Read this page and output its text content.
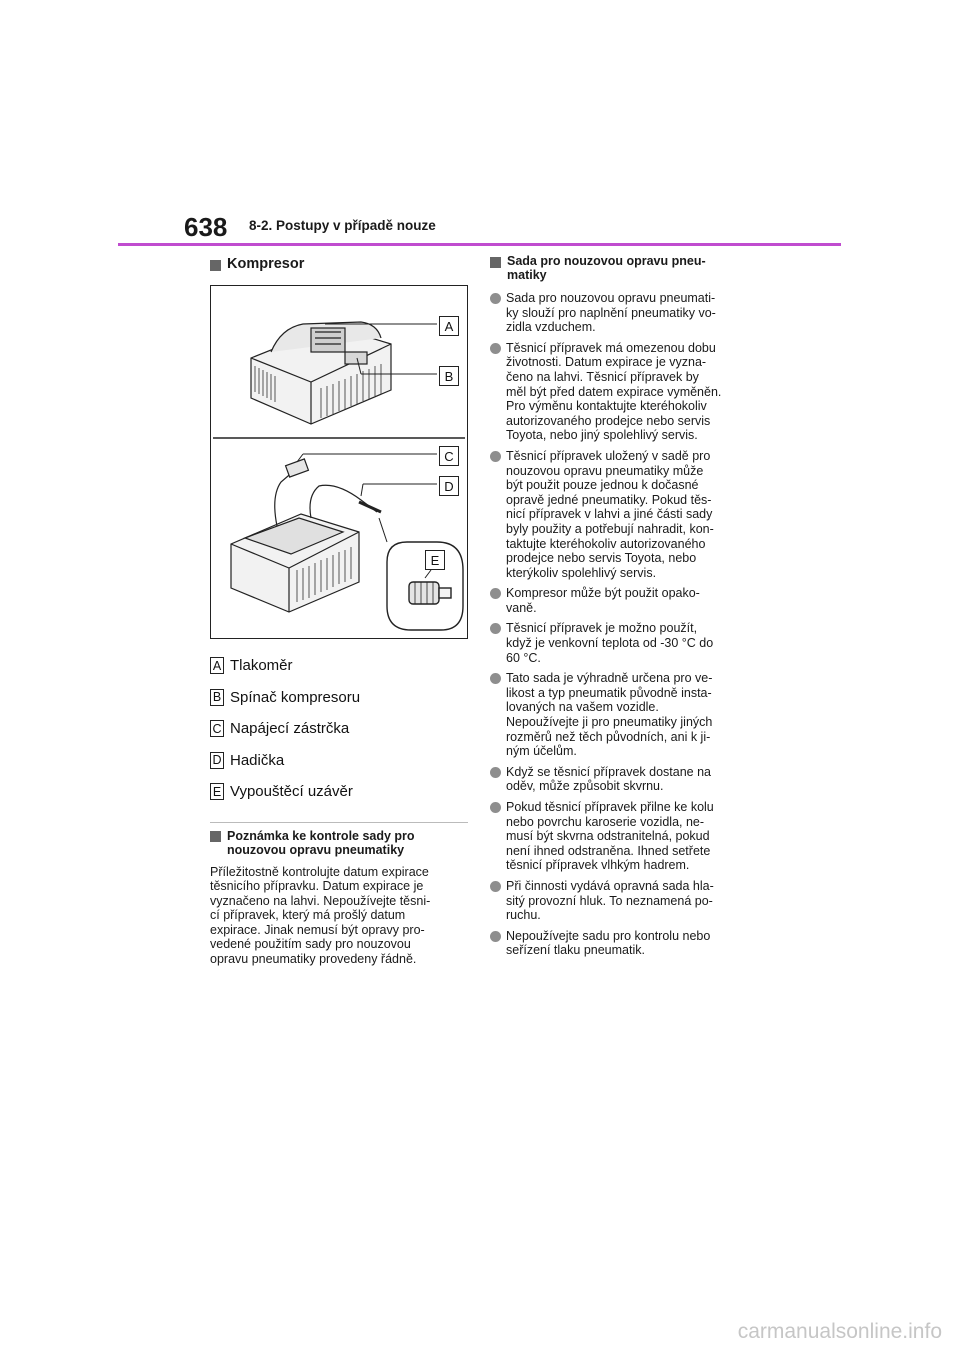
638 8-2. Postupy v případě nouze
Kompresor
A
B
C
D
E
A Tlakoměr
B Spínač kompresoru
C Napájecí zástrčka
D Hadička
E Vypouštěcí uzávěr
Poznámka ke kontrole sady pro
nouzovou opravu pneumatiky
Příležitostně kontrolujte datum expirace
těsnicího přípravku. Datum expirace je
vyznačeno na lahvi. Nepoužívejte těsni-
cí přípravek, který má prošlý datum
expirace. Jinak nemusí být opravy pro-
vedené použitím sady pro nouzovou
opravu pneumatiky provedeny řádně.
Sada pro nouzovou opravu pneu-
matiky
Sada pro nouzovou opravu pneumati-
ky slouží pro naplnění pneumatiky vo-
zidla vzduchem.
Těsnicí přípravek má omezenou dobu
životnosti. Datum expirace je vyzna-
čeno na lahvi. Těsnicí přípravek by
měl být před datem expirace vyměněn.
Pro výměnu kontaktujte kteréhokoliv
autorizovaného prodejce nebo servis
Toyota, nebo jiný spolehlivý servis.
Těsnicí přípravek uložený v sadě pro
nouzovou opravu pneumatiky může
být použit pouze jednou k dočasné
opravě jedné pneumatiky. Pokud těs-
nicí přípravek v lahvi a jiné části sady
byly použity a potřebují nahradit, kon-
taktujte kteréhokoliv autorizovaného
prodejce nebo servis Toyota, nebo
kterýkoliv spolehlivý servis.
Kompresor může být použit opako-
vaně.
Těsnicí přípravek je možno použít,
když je venkovní teplota od -30 °C do
60 °C.
Tato sada je výhradně určena pro ve-
likost a typ pneumatik původně insta-
lovaných na vašem vozidle.
Nepoužívejte ji pro pneumatiky jiných
rozměrů než těch původních, ani k ji-
ným účelům.
Když se těsnicí přípravek dostane na
oděv, může způsobit skvrnu.
Pokud těsnicí přípravek přilne ke kolu
nebo povrchu karoserie vozidla, ne-
musí být skvrna odstranitelná, pokud
není ihned odstraněna. Ihned setřete
těsnicí přípravek vlhkým hadrem.
Při činnosti vydává opravná sada hla-
sitý provozní hluk. To neznamená po-
ruchu.
Nepoužívejte sadu pro kontrolu nebo
seřízení tlaku pneumatik.
carmanualsonline.info
